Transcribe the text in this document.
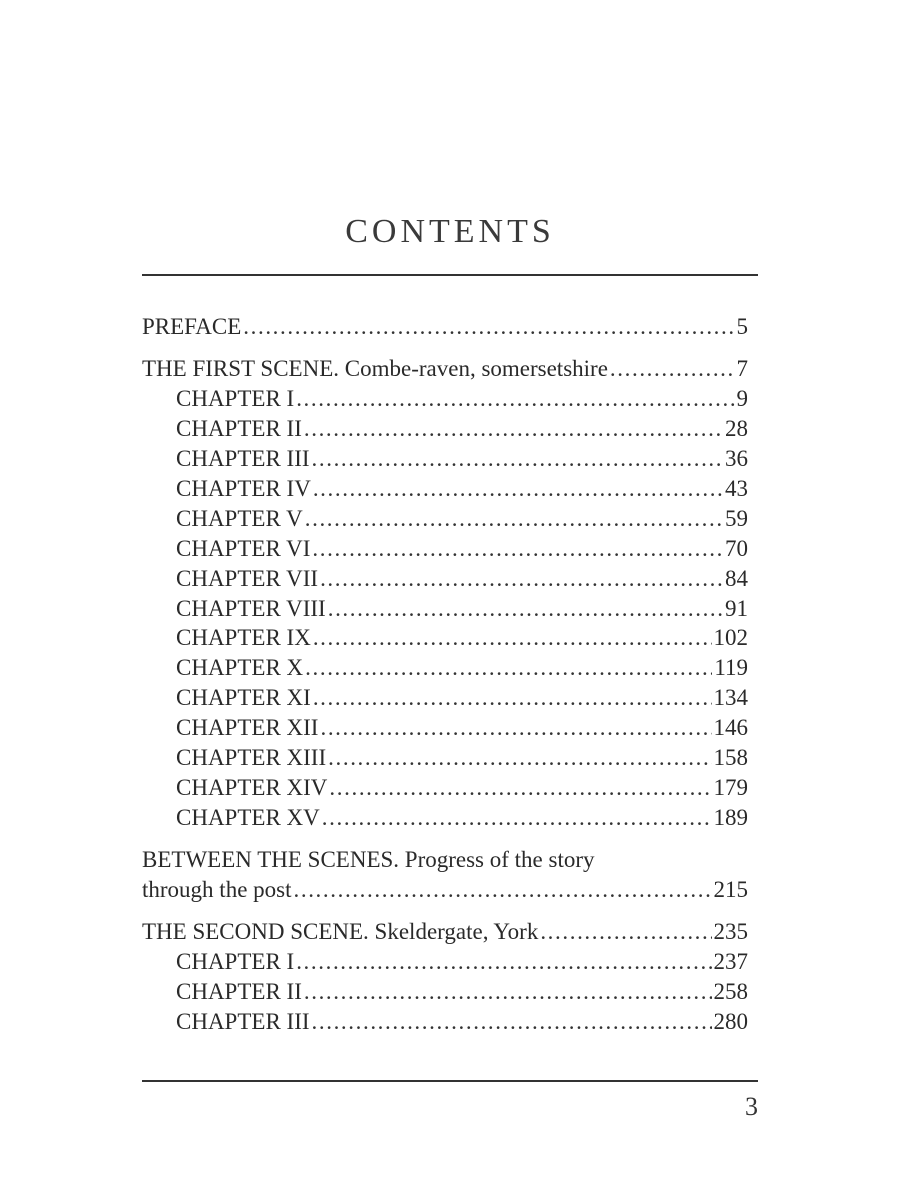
CONTENTS
PREFACE .....	5
THE FIRST SCENE. Combe-raven, somersetshire .....	7
CHAPTER I .....	9
CHAPTER II .....	28
CHAPTER III .....	36
CHAPTER IV .....	43
CHAPTER V .....	59
CHAPTER VI .....	70
CHAPTER VII .....	84
CHAPTER VIII .....	91
CHAPTER IX .....	102
CHAPTER X .....	119
CHAPTER XI .....	134
CHAPTER XII .....	146
CHAPTER XIII .....	158
CHAPTER XIV .....	179
CHAPTER XV .....	189
BETWEEN THE SCENES. Progress of the story
through the post .....	215
THE SECOND SCENE. Skeldergate, York .....	235
CHAPTER I .....	237
CHAPTER II .....	258
CHAPTER III .....	280
3
